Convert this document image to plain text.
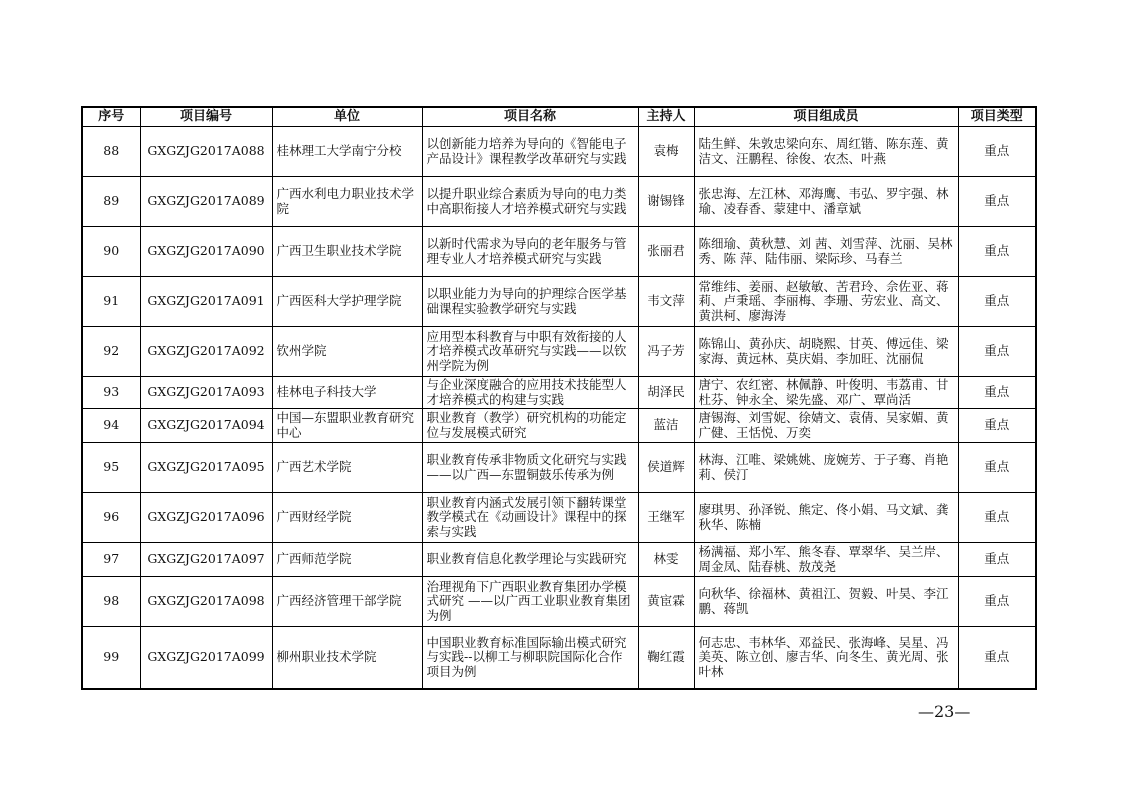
序号	项目编号	单位	项目名称	主持人	项目组成员	项目类型
88	GXGZJG2017A088	桂林理工大学南宁分校	以创新能力培养为导向的《智能电子产品设计》课程教学改革研究与实践	袁梅	陆生鲜、朱敦忠梁向东、周红锴、陈东莲、黄洁文、汪鹏程、徐俊、农杰、叶燕	重点
89	GXGZJG2017A089	广西水利电力职业技术学院	以提升职业综合素质为导向的电力类中高职衔接人才培养模式研究与实践	谢锡锋	张忠海、左江林、邓海鹰、韦弘、罗宇强、林瑜、凌春香、蒙建中、潘章斌	重点
90	GXGZJG2017A090	广西卫生职业技术学院	以新时代需求为导向的老年服务与管理专业人才培养模式研究与实践	张丽君	陈细瑜、黄秋慧、刘 茜、刘雪萍、沈丽、吴林秀、陈 萍、陆伟丽、梁际珍、马春兰	重点
91	GXGZJG2017A091	广西医科大学护理学院	以职业能力为导向的护理综合医学基础课程实验教学研究与实践	韦文萍	常维纬、姜丽、赵敏敏、苦君玲、佘佐亚、蒋莉、卢秉瑶、李丽梅、李珊、劳宏业、高文、黄洪柯、廖海涛	重点
92	GXGZJG2017A092	钦州学院	应用型本科教育与中职有效衔接的人才培养模式改革研究与实践——以钦州学院为例	冯子芳	陈锦山、黄孙庆、胡晓熙、甘英、傅远佳、梁家海、黄远林、莫庆娟、李加旺、沈丽侃	重点
93	GXGZJG2017A093	桂林电子科技大学	与企业深度融合的应用技术技能型人才培养模式的构建与实践	胡泽民	唐宁、农红密、林佩静、叶俊明、韦荔甫、甘杜芬、钟永全、梁先盛、邓广、覃尚活	重点
94	GXGZJG2017A094	中国—东盟职业教育研究中心	职业教育（教学）研究机构的功能定位与发展模式研究	蓝洁	唐锡海、刘雪妮、徐婧文、袁倩、吴家媚、黄广健、王恬悦、万奕	重点
95	GXGZJG2017A095	广西艺术学院	职业教育传承非物质文化研究与实践——以广西—东盟铜鼓乐传承为例	侯道辉	林海、江唯、梁姚姚、庞婉芳、于子骞、肖艳莉、侯汀	重点
96	GXGZJG2017A096	广西财经学院	职业教育内涵式发展引领下翻转课堂教学模式在《动画设计》课程中的探索与实践	王继军	廖琪男、孙泽锐、熊定、佟小娟、马文斌、龚秋华、陈楠	重点
97	GXGZJG2017A097	广西师范学院	职业教育信息化教学理论与实践研究	林雯	杨满福、郑小军、熊冬春、覃翠华、吴兰岸、周金凤、陆春桃、敖茂尧	重点
98	GXGZJG2017A098	广西经济管理干部学院	治理视角下广西职业教育集团办学模式研究 ——以广西工业职业教育集团为例	黄宦霖	向秋华、徐福林、黄祖江、贺毅、叶昊、李江鹏、蒋凯	重点
99	GXGZJG2017A099	柳州职业技术学院	中国职业教育标准国际输出模式研究与实践--以柳工与柳职院国际化合作项目为例	鞠红霞	何志忠、韦林华、邓益民、张海峰、吴星、冯美英、陈立创、廖吉华、向冬生、黄光周、张叶林	重点
—23—
